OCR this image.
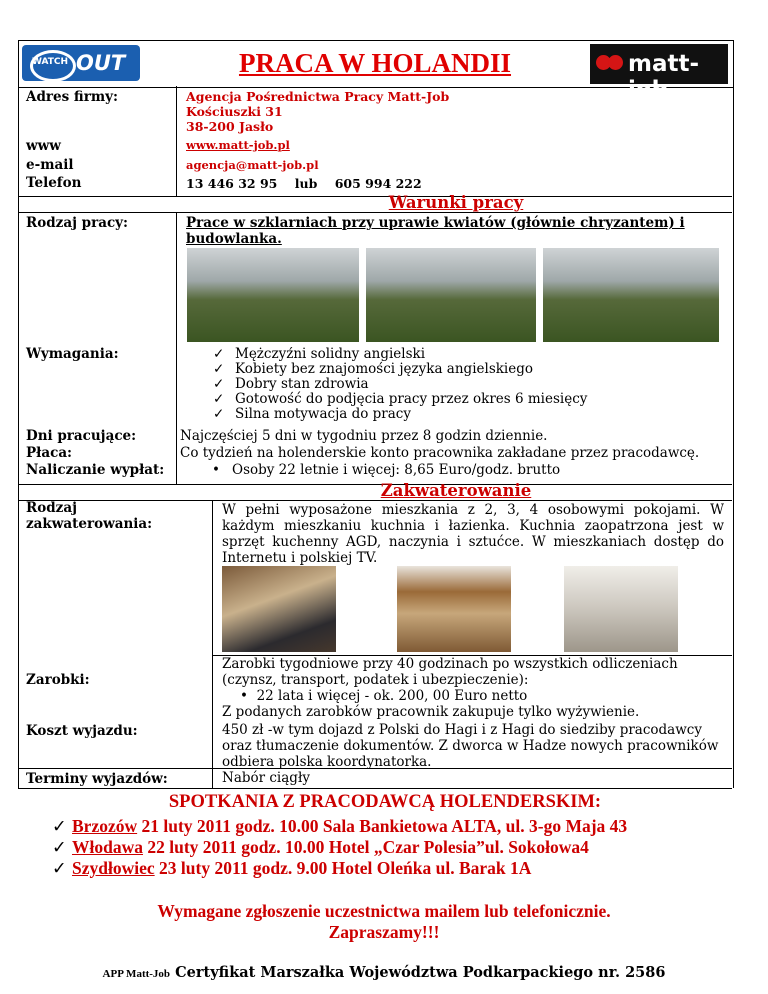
WATCH OUT	PRACA W HOLANDII	matt-job
Adres firmy:	Agencja Pośrednictwa Pracy Matt-Job
Kościuszki 31
38-200 Jasło
www	www.matt-job.pl
e-mail	agencja@matt-job.pl
Telefon	13 446 32 95    lub    605 994 222
Warunki pracy
Rodzaj pracy:	Prace w szklarniach przy uprawie kwiatów (głównie chryzantem) i budowlanka.
Wymagania:
✓	Mężczyźni solidny angielski
✓ Kobiety bez znajomości języka angielskiego
✓ Dobry stan zdrowia
✓ Gotowość do podjęcia pracy przez okres 6 miesięcy
✓ Silna motywacja do pracy
Dni pracujące:	Najczęściej 5 dni w tygodniu przez 8 godzin dziennie.
Płaca:	Co tydzień na holenderskie konto pracownika zakładane przez pracodawcę.
Naliczanie wypłat:	• Osoby 22 letnie i więcej: 8,65 Euro/godz. brutto
Zakwaterowanie
Rodzaj zakwaterowania:
W pełni wyposażone mieszkania z 2, 3, 4 osobowymi pokojami. W każdym mieszkaniu kuchnia i łazienka. Kuchnia zaopatrzona jest w sprzęt kuchenny AGD, naczynia i sztućce. W mieszkaniach dostęp do Internetu i polskiej TV.
Zarobki:
Zarobki tygodniowe przy 40 godzinach po wszystkich odliczeniach (czynsz, transport, podatek i ubezpieczenie):
• 22 lata i więcej - ok. 200, 00 Euro netto
Z podanych zarobków pracownik zakupuje tylko wyżywienie.
Koszt wyjazdu:	450 zł -w tym dojazd z Polski do Hagi i z Hagi do siedziby pracodawcy oraz tłumaczenie dokumentów. Z dworca w Hadze nowych pracowników odbiera polska koordynatorka.
Terminy wyjazdów:	Nabór ciągły
SPOTKANIA Z PRACODAWCĄ HOLENDERSKIM:
✓ Brzozów 21 luty 2011 godz. 10.00 Sala Bankietowa ALTA, ul. 3-go Maja 43
✓ Włodawa 22 luty 2011 godz. 10.00 Hotel „Czar Polesia”ul. Sokołowa4
✓ Szydłowiec 23 luty 2011 godz. 9.00 Hotel Oleńka ul. Barak 1A
Wymagane zgłoszenie uczestnictwa mailem lub telefonicznie.
Zapraszamy!!!
APP Matt-Job Certyfikat Marszałka Województwa Podkarpackiego nr. 2586
